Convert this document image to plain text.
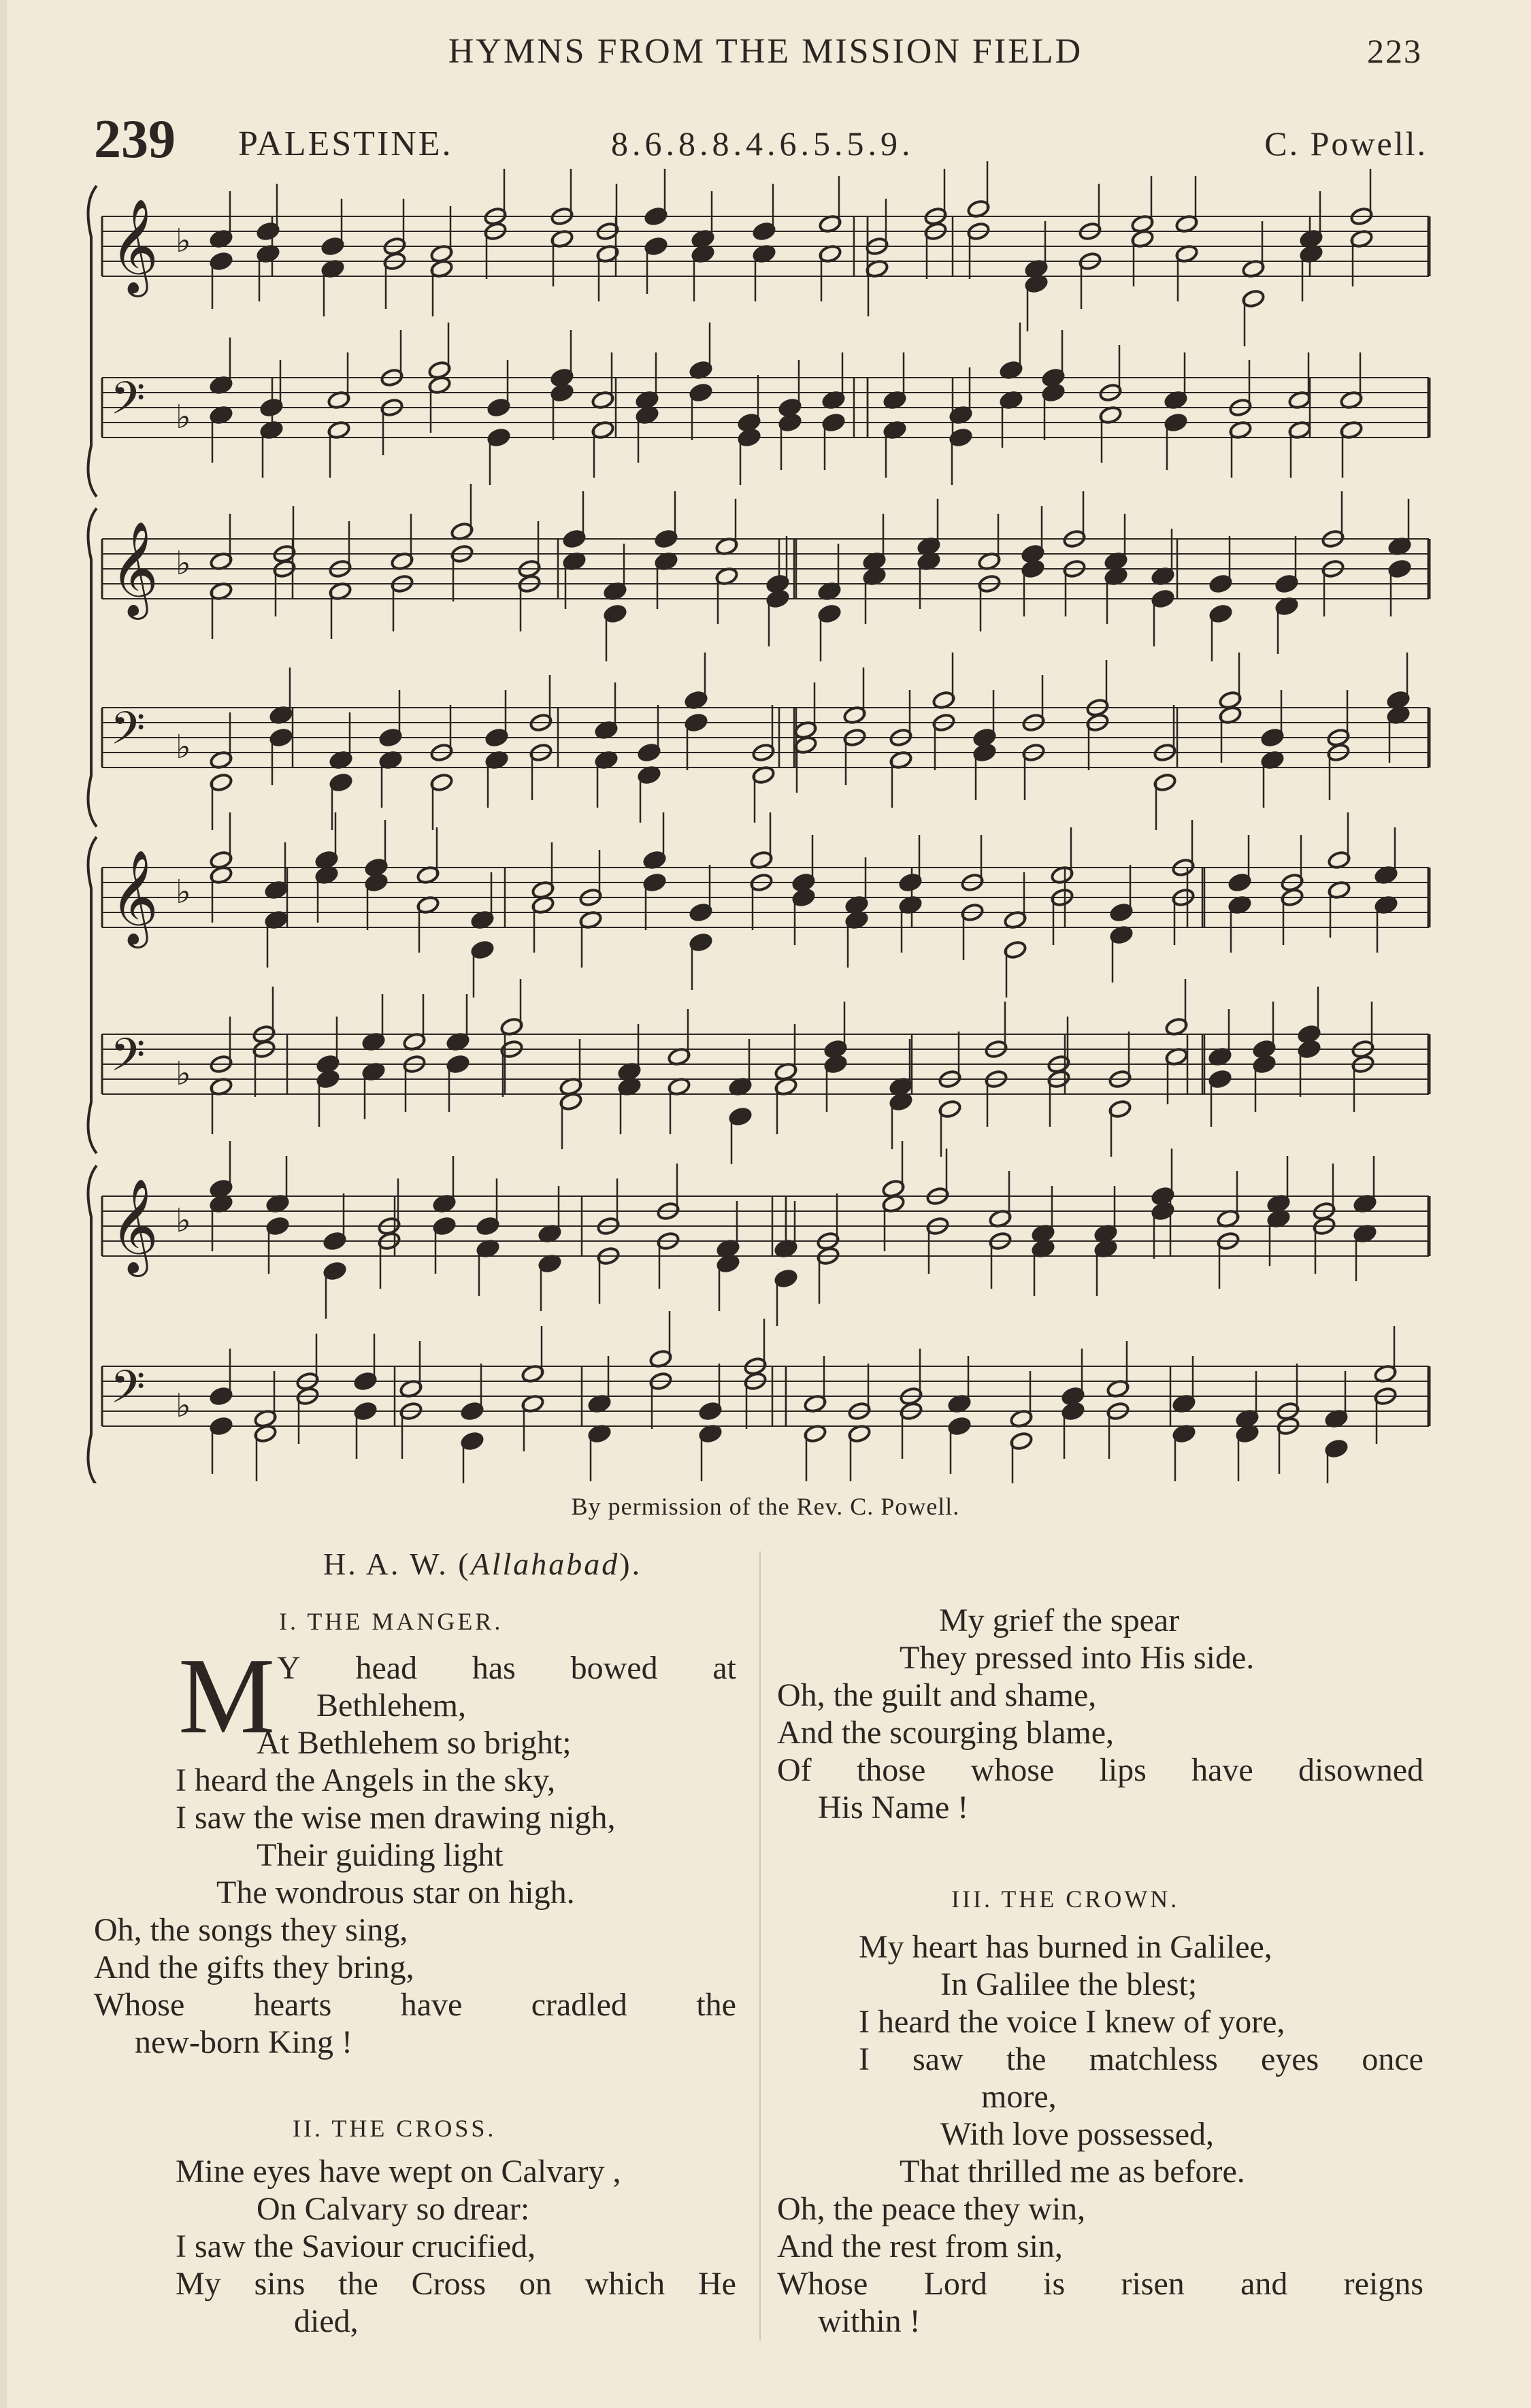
HYMNS FROM THE MISSION FIELD	223
239 PALESTINE.	8.6.8.8.4.6.5.5.9.	C. Powell.
𝄞 ♭
𝄢 ♭
𝄞 ♭
𝄢 ♭
𝄞 ♭
𝄢 ♭
𝄞 ♭
𝄢 ♭
By permission of the Rev. C. Powell.
H. A. W. (Allahabad).
I. THE MANGER.
M Y head has bowed at
Bethlehem,
At Bethlehem so bright;
I heard the Angels in the sky,
I saw the wise men drawing nigh,
Their guiding light
The wondrous star on high.
Oh, the songs they sing,
And the gifts they bring,
Whose hearts have cradled the
new-born King !
II. THE CROSS.
Mine eyes have wept on Calvary ,
On Calvary so drear:
I saw the Saviour crucified,
My sins the Cross on which He
died,
My grief the spear
They pressed into His side.
Oh, the guilt and shame,
And the scourging blame,
Of those whose lips have disowned
His Name !
III. THE CROWN.
My heart has burned in Galilee,
In Galilee the blest;
I heard the voice I knew of yore,
I saw the matchless eyes once
more,
With love possessed,
That thrilled me as before.
Oh, the peace they win,
And the rest from sin,
Whose Lord is risen and reigns
within !
